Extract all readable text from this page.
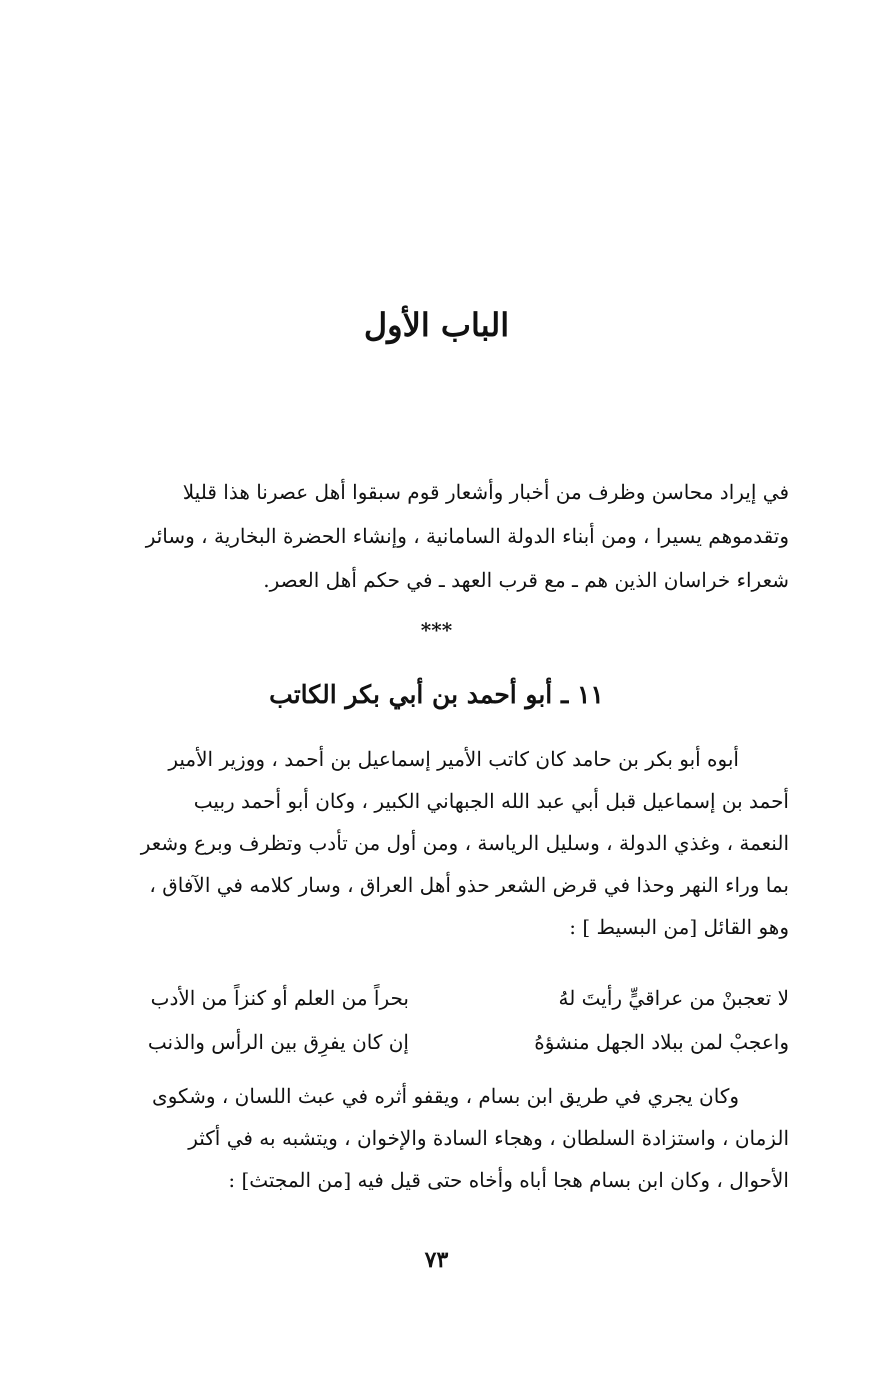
الباب الأول
في إيراد محاسن وظرف من أخبار وأشعار قوم سبقوا أهل عصرنا هذا قليلا
وتقدموهم يسيرا ، ومن أبناء الدولة السامانية ، وإنشاء الحضرة البخارية ، وسائر
شعراء خراسان الذين هم ـ مع قرب العهد ـ في حكم أهل العصر.
***
١١ ـ أبو أحمد بن أبي بكر الكاتب
أبوه أبو بكر بن حامد كان كاتب الأمير إسماعيل بن أحمد ، ووزير الأمير
أحمد بن إسماعيل قبل أبي عبد الله الجبهاني الكبير ، وكان أبو أحمد ربيب
النعمة ، وغذي الدولة ، وسليل الرياسة ، ومن أول من تأدب وتظرف وبرع وشعر
بما وراء النهر وحذا في قرض الشعر حذو أهل العراق ، وسار كلامه في الآفاق ،
وهو القائل [من البسيط ] :
لا تعجبنْ من عراقيٍّ رأيتَ لهُ
بحراً من العلم أو كنزاً من الأدب
واعجبْ لمن ببلاد الجهل منشؤهُ
إن كان يفرِق بين الرأس والذنب
وكان يجري في طريق ابن بسام ، ويقفو أثره في عبث اللسان ، وشكوى
الزمان ، واستزادة السلطان ، وهجاء السادة والإخوان ، ويتشبه به في أكثر
الأحوال ، وكان ابن بسام هجا أباه وأخاه حتى قيل فيه [من المجتث] :
٧٣
